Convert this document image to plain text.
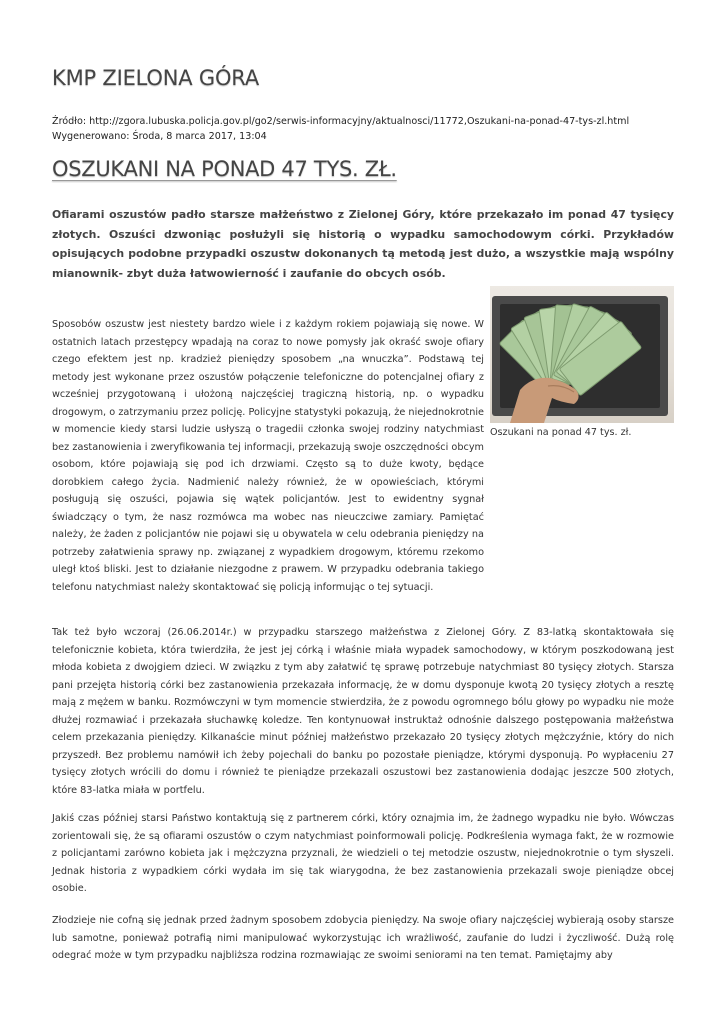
KMP ZIELONA GÓRA
Źródło: http://zgora.lubuska.policja.gov.pl/go2/serwis-informacyjny/aktualnosci/11772,Oszukani-na-ponad-47-tys-zl.html
Wygenerowano: Środa, 8 marca 2017, 13:04
OSZUKANI NA PONAD 47 TYS. ZŁ.

Ofiarami oszustów padło starsze małżeństwo z Zielonej Góry, które przekazało im ponad 47 tysięcy złotych. Oszuści dzwoniąc posłużyli się historią o wypadku samochodowym córki. Przykładów opisujących podobne przypadki oszustw dokonanych tą metodą jest dużo, a wszystkie mają wspólny mianownik- zbyt duża łatwowierność i zaufanie do obcych osób.

Oszukani na ponad 47 tys. zł.

Sposobów oszustw jest niestety bardzo wiele i z każdym rokiem pojawiają się nowe. W ostatnich latach przestępcy wpadają na coraz to nowe pomysły jak okraść swoje ofiary czego efektem jest np. kradzież pieniędzy sposobem „na wnuczka”. Podstawą tej metody jest wykonane przez oszustów połączenie telefoniczne do potencjalnej ofiary z wcześniej przygotowaną i ułożoną najczęściej tragiczną historią, np. o wypadku drogowym, o zatrzymaniu przez policję. Policyjne statystyki pokazują, że niejednokrotnie w momencie kiedy starsi ludzie usłyszą o tragedii członka swojej rodziny natychmiast bez zastanowienia i zweryfikowania tej informacji, przekazują swoje oszczędności obcym osobom, które pojawiają się pod ich drzwiami. Często są to duże kwoty, będące dorobkiem całego życia. Nadmienić należy również, że w opowieściach, którymi posługują się oszuści, pojawia się wątek policjantów. Jest to ewidentny sygnał świadczący o tym, że nasz rozmówca ma wobec nas nieuczciwe zamiary. Pamiętać należy, że żaden z policjantów nie pojawi się u obywatela w celu odebrania pieniędzy na potrzeby załatwienia sprawy np. związanej z wypadkiem drogowym, któremu rzekomo uległ ktoś bliski. Jest to działanie niezgodne z prawem. W przypadku odebrania takiego telefonu natychmiast należy skontaktować się policją informując o tej sytuacji.

Tak też było wczoraj (26.06.2014r.) w przypadku starszego małżeństwa z Zielonej Góry. Z 83-latką skontaktowała się telefonicznie kobieta, która twierdziła, że jest jej córką i właśnie miała wypadek samochodowy, w którym poszkodowaną jest młoda kobieta z dwojgiem dzieci. W związku z tym aby załatwić tę sprawę potrzebuje natychmiast 80 tysięcy złotych. Starsza pani przejęta historią córki bez zastanowienia przekazała informację, że w domu dysponuje kwotą 20 tysięcy złotych a resztę mają z mężem w banku. Rozmówczyni w tym momencie stwierdziła, że z powodu ogromnego bólu głowy po wypadku nie może dłużej rozmawiać i przekazała słuchawkę koledze. Ten kontynuował instruktaż odnośnie dalszego postępowania małżeństwa celem przekazania pieniędzy. Kilkanaście minut później małżeństwo przekazało 20 tysięcy złotych mężczyźnie, który do nich przyszedł. Bez problemu namówił ich żeby pojechali do banku po pozostałe pieniądze, którymi dysponują. Po wypłaceniu 27 tysięcy złotych wrócili do domu i również te pieniądze przekazali oszustowi bez zastanowienia dodając jeszcze 500 złotych, które 83-latka miała w portfelu.

Jakiś czas później starsi Państwo kontaktują się z partnerem córki, który oznajmia im, że żadnego wypadku nie było. Wówczas zorientowali się, że są ofiarami oszustów o czym natychmiast poinformowali policję. Podkreślenia wymaga fakt, że w rozmowie z policjantami zarówno kobieta jak i mężczyzna przyznali, że wiedzieli o tej metodzie oszustw, niejednokrotnie o tym słyszeli. Jednak historia z wypadkiem córki wydała im się tak wiarygodna, że bez zastanowienia przekazali swoje pieniądze obcej osobie.

Złodzieje nie cofną się jednak przed żadnym sposobem zdobycia pieniędzy. Na swoje ofiary najczęściej wybierają osoby starsze lub samotne, ponieważ potrafią nimi manipulować wykorzystując ich wrażliwość, zaufanie do ludzi i życzliwość. Dużą rolę odegrać może w tym przypadku najbliższa rodzina rozmawiając ze swoimi seniorami na ten temat. Pamiętajmy aby
